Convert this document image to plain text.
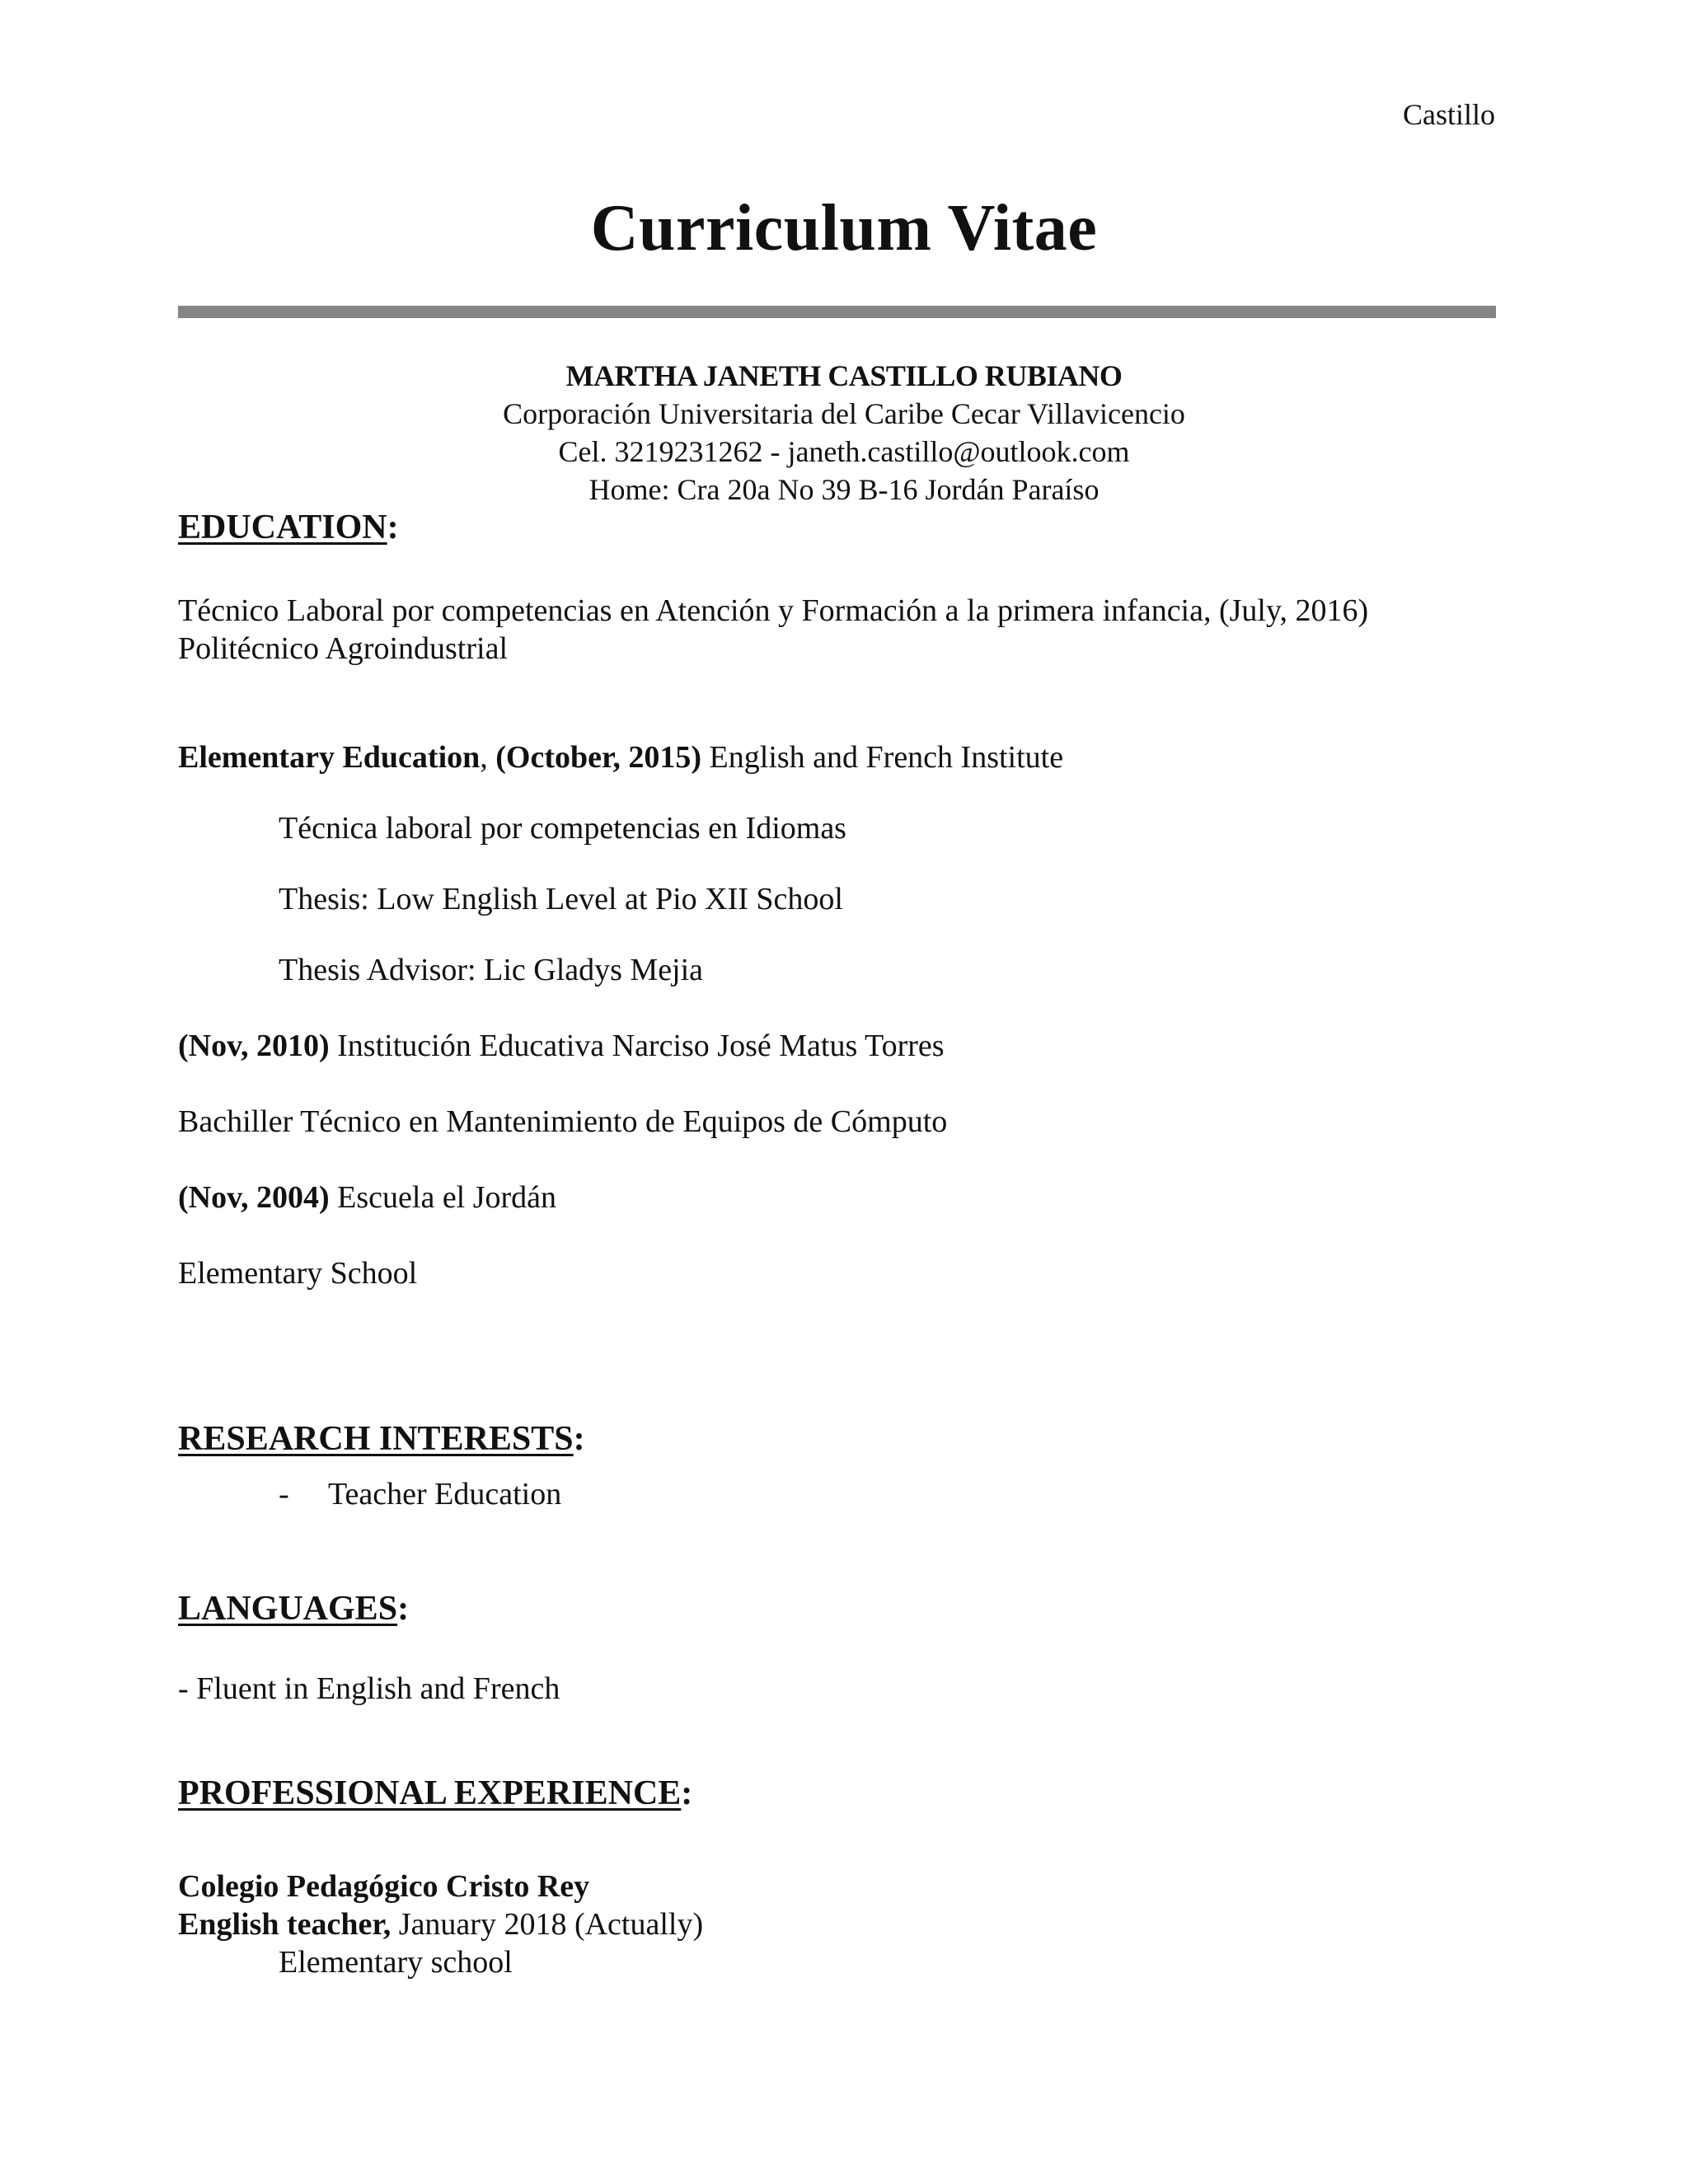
Castillo
Curriculum Vitae
MARTHA JANETH CASTILLO RUBIANO
Corporación Universitaria del Caribe Cecar Villavicencio
Cel. 3219231262 - janeth.castillo@outlook.com
Home: Cra 20a No 39 B-16 Jordán Paraíso
EDUCATION:
Técnico Laboral por competencias en Atención y Formación a la primera infancia, (July, 2016)
Politécnico Agroindustrial
Elementary Education, (October, 2015) English and French Institute
Técnica laboral por competencias en Idiomas
Thesis: Low English Level at Pio XII School
Thesis Advisor: Lic Gladys Mejia
(Nov, 2010) Institución Educativa Narciso José Matus Torres
Bachiller Técnico en Mantenimiento de Equipos de Cómputo
(Nov, 2004) Escuela el Jordán
Elementary School
RESEARCH INTERESTS:
- Teacher Education
LANGUAGES:
- Fluent in English and French
PROFESSIONAL EXPERIENCE:
Colegio Pedagógico Cristo Rey
English teacher, January 2018 (Actually)
Elementary school
